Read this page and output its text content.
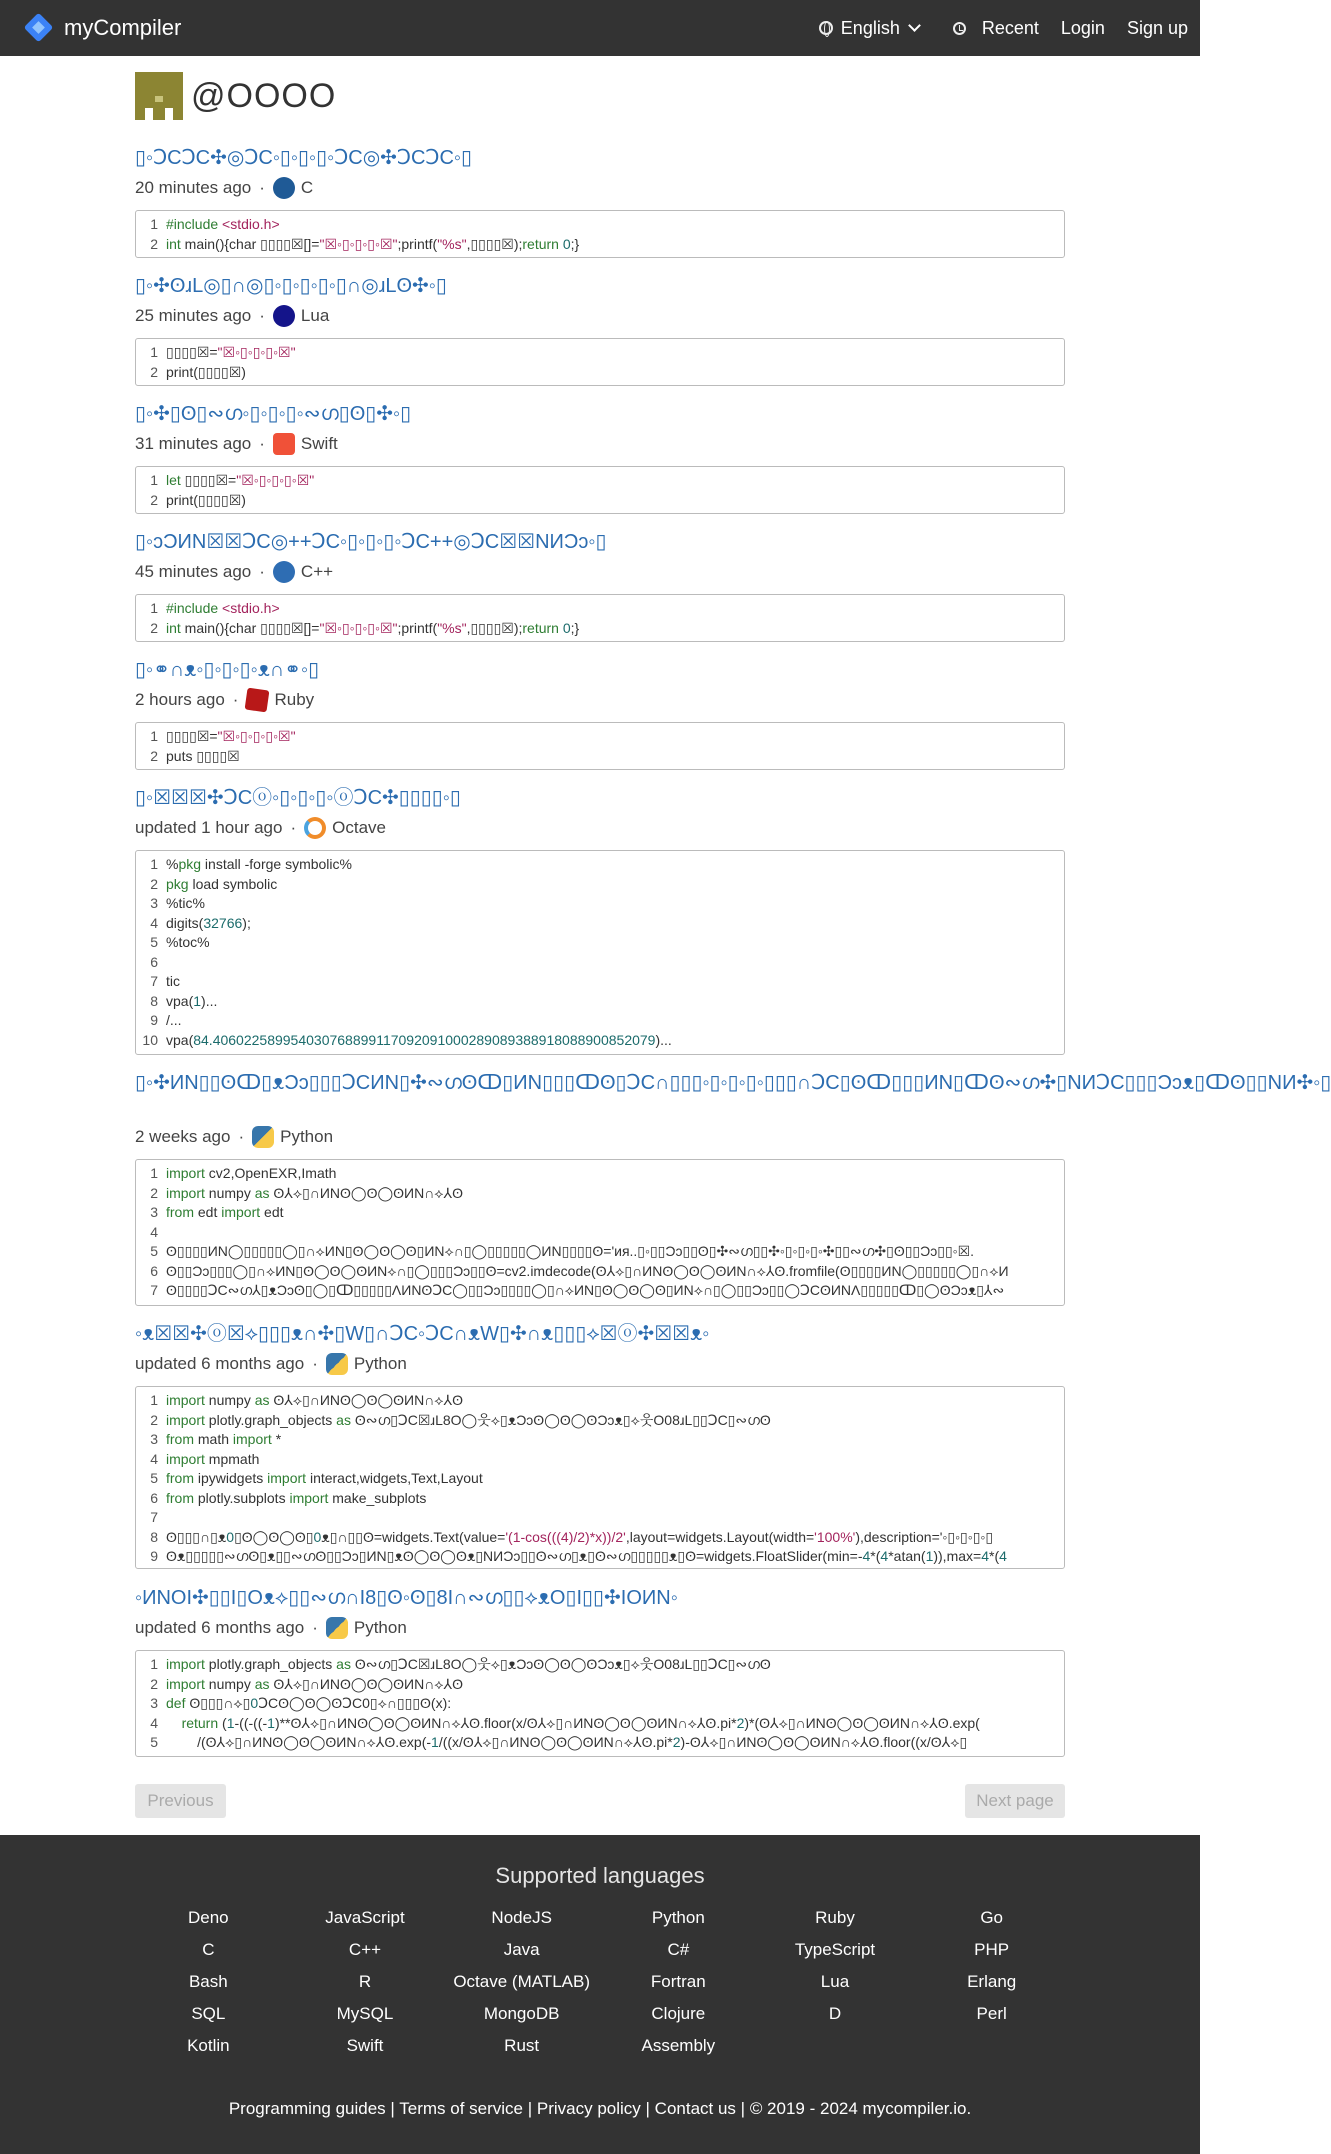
myCompiler	English	Recent Login Sign up
@OOOO
▯◦ↃCↃC✣◎ↃC◦▯◦▯◦▯◦ↃC◎✣ↃCↃC◦▯
20 minutes ago · C
1 #include <stdio.h>
2 int main(){char ▯▯▯▯☒[]="☒◦▯◦▯◦▯◦☒";printf("%s",▯▯▯▯☒);return 0;}
▯◦✣ʘɹL◎▯∩◎▯◦▯◦▯◦▯◦▯∩◎ɹLʘ✣◦▯
25 minutes ago · Lua
1 ▯▯▯▯☒="☒◦▯◦▯◦▯◦☒"
2 print(▯▯▯▯☒)
▯◦✣▯ʘ▯∾ഗ◦▯◦▯◦▯◦∾ഗ▯ʘ▯✣◦▯
31 minutes ago · Swift
1 let ▯▯▯▯☒="☒◦▯◦▯◦▯◦☒"
2 print(▯▯▯▯☒)
▯◦ↄƆИN☒☒ↃC◎++ↃC◦▯◦▯◦▯◦ↃC++◎ↃC☒☒NИƆↄ◦▯
45 minutes ago · C++
1 #include <stdio.h>
2 int main(){char ▯▯▯▯☒[]="☒◦▯◦▯◦▯◦☒";printf("%s",▯▯▯▯☒);return 0;}
▯◦⚭∩ᴥ◦▯◦▯◦▯◦ᴥ∩⚭◦▯
2 hours ago · Ruby
1 ▯▯▯▯☒="☒◦▯◦▯◦▯◦☒"
2 puts ▯▯▯▯☒
▯◦☒☒☒✣ↃCⓞ◦▯◦▯◦▯◦ⓞↃC✣▯▯▯▯◦▯
updated 1 hour ago · Octave
1 %pkg install -forge symbolic%
2 pkg load symbolic
3 %tic%
4 digits(32766);
5 %toc%
6
7 tic
8 vpa(1)...
9 /...
10 vpa(84.406022589954030768899117092091000289089388918088900852079)...
▯◦✣ИN▯▯ʘↀ▯ᴥƆↄ▯▯▯ↃCИN▯✣∾ഗʘↀ▯ИN▯▯▯ↀʘ▯ↃC∩▯▯▯◦▯◦▯◦▯◦▯▯▯∩ↃC▯ʘↀ▯▯▯ИN▯ↀʘ∾ഗ✣▯NИↃC▯▯▯Ɔↄᴥ▯ↀʘ▯▯NИ✣◦▯
2 weeks ago · Python
1 import cv2,OpenEXR,Imath
2 import numpy as ʘ⅄⟡▯∩ИNʘ◯ʘ◯ʘИN∩⟡⅄ʘ
3 from edt import edt
4
5 ʘ▯▯▯▯ИN◯▯▯▯▯▯◯▯∩⟡ИN▯ʘ◯ʘ◯ʘ▯ИN⟡∩▯◯▯▯▯▯▯◯ИN▯▯▯▯ʘ='ᴎᴙ..▯◦▯▯Ɔↄ▯▯ʘ▯✣∾ഗ▯▯✣◦▯◦▯◦▯◦✣▯▯∾ഗ✣▯ʘ▯▯Ɔↄ▯▯◦☒.
6 ʘ▯▯Ɔↄ▯▯▯◯▯∩⟡ИN▯ʘ◯ʘ◯ʘИN⟡∩▯◯▯▯▯Ɔↄ▯▯ʘ=cv2.imdecode(ʘ⅄⟡▯∩ИNʘ◯ʘ◯ʘИN∩⟡⅄ʘ.fromfile(ʘ▯▯▯▯ИN◯▯▯▯▯▯◯▯∩⟡И
7 ʘ▯▯▯▯ↃC∾ഗ⅄▯ᴥƆↄʘ▯◯▯ↀ▯▯▯▯▯ɅИNʘↃC◯▯▯Ɔↄ▯▯▯▯◯▯∩⟡ИN▯ʘ◯ʘ◯ʘ▯ИN⟡∩▯◯▯▯Ɔↄ▯▯◯ↃCʘИNɅ▯▯▯▯▯ↀ▯◯ʘƆↄᴥ▯⅄∾
◦ᴥ☒☒✣ⓞ☒⟡▯▯▯ᴥ∩✣▯W▯∩ↃC◦ↃC∩ᴥW▯✣∩ᴥ▯▯▯⟡☒ⓞ✣☒☒ᴥ◦
updated 6 months ago · Python
1 import numpy as ʘ⅄⟡▯∩ИNʘ◯ʘ◯ʘИN∩⟡⅄ʘ
2 import plotly.graph_objects as ʘ∾ഗ▯ↃC☒ɹL8O◯웃⟡▯ᴥƆↄʘ◯ʘ◯ʘƆↄᴥ▯⟡웃O08ɹL▯▯ↃC▯∾ഗʘ
3 from math import *
4 import mpmath
5 from ipywidgets import interact,widgets,Text,Layout
6 from plotly.subplots import make_subplots
7
8 ʘ▯▯▯∩▯ᴥ0▯ʘ◯ʘ◯ʘ▯0ᴥ▯∩▯▯ʘ=widgets.Text(value='(1-cos(((4)/2)*x))/2',layout=widgets.Layout(width='100%'),description='◦▯◦▯◦▯◦▯
9 ʘᴥ▯▯▯▯▯∾ഗʘ▯ᴥ▯▯∾ഗʘ▯▯Ɔↄ▯ИN▯ᴥʘ◯ʘ◯ʘᴥ▯NИƆↄ▯▯ʘ∾ഗ▯ᴥ▯ʘ∾ഗ▯▯▯▯▯ᴥ▯ʘ=widgets.FloatSlider(min=-4*(4*atan(1)),max=4*(4
◦ИNOI✣▯▯I▯Oᴥ⟡▯▯∾ഗ∩I8▯ʘ◦ʘ▯8I∩∾ഗ▯▯⟡ᴥO▯I▯▯✣IOИN◦
updated 6 months ago · Python
1 import plotly.graph_objects as ʘ∾ഗ▯ↃC☒ɹL8O◯웃⟡▯ᴥƆↄʘ◯ʘ◯ʘƆↄᴥ▯⟡웃O08ɹL▯▯ↃC▯∾ഗʘ
2 import numpy as ʘ⅄⟡▯∩ИNʘ◯ʘ◯ʘИN∩⟡⅄ʘ
3 def ʘ▯▯▯∩⟡▯0ↃCʘ◯ʘ◯ʘↃC0▯⟡∩▯▯▯ʘ(x):
4	return (1-((-((-1)**ʘ⅄⟡▯∩ИNʘ◯ʘ◯ʘИN∩⟡⅄ʘ.floor(x/ʘ⅄⟡▯∩ИNʘ◯ʘ◯ʘИN∩⟡⅄ʘ.pi*2)*(ʘ⅄⟡▯∩ИNʘ◯ʘ◯ʘИN∩⟡⅄ʘ.exp(
5 /(ʘ⅄⟡▯∩ИNʘ◯ʘ◯ʘИN∩⟡⅄ʘ.exp(-1/((x/ʘ⅄⟡▯∩ИNʘ◯ʘ◯ʘИN∩⟡⅄ʘ.pi*2)-ʘ⅄⟡▯∩ИNʘ◯ʘ◯ʘИN∩⟡⅄ʘ.floor((x/ʘ⅄⟡▯
Previous	Next page
Supported languages
Deno	JavaScript	NodeJS	Python	Ruby	Go
C	C++	Java	C#	TypeScript	PHP
Bash	R	Octave (MATLAB)	Fortran	Lua	Erlang
SQL	MySQL	MongoDB	Clojure	D	Perl
Kotlin	Swift	Rust	Assembly
Programming guides | Terms of service | Privacy policy | Contact us | © 2019 - 2024 mycompiler.io.
